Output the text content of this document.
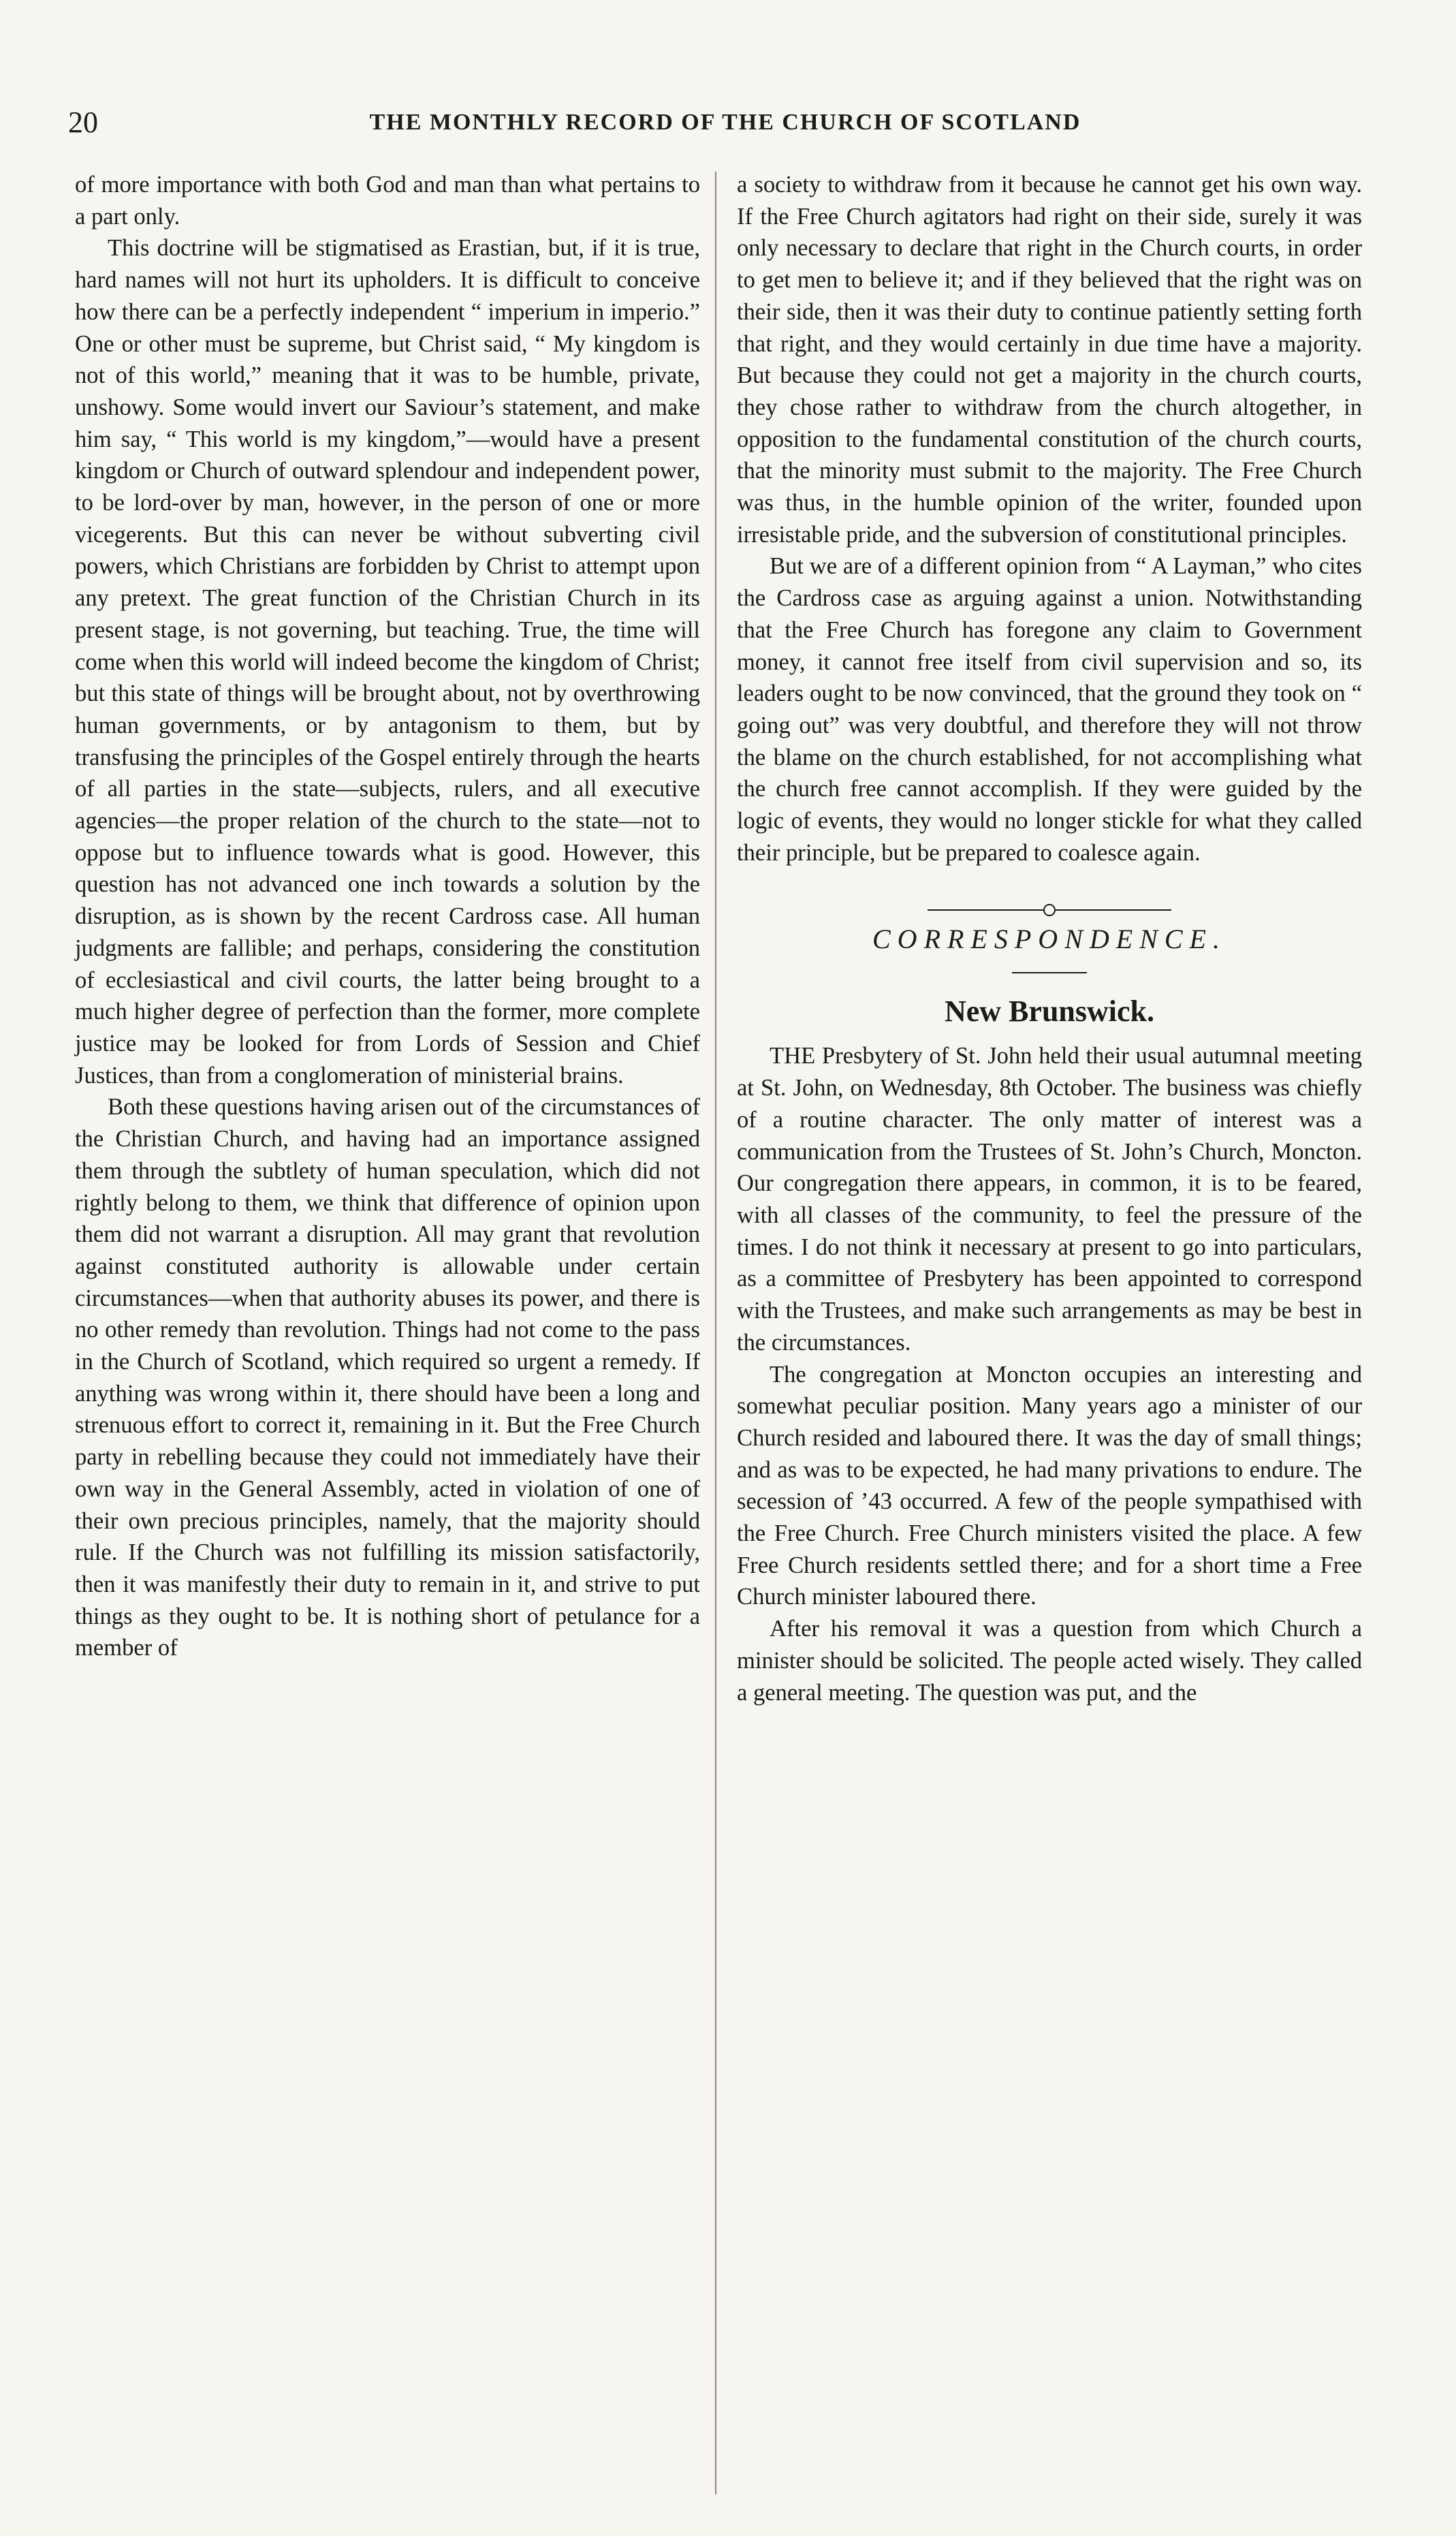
20	THE MONTHLY RECORD OF THE CHURCH OF SCOTLAND

of more importance with both God and man than what pertains to a part only.

This doctrine will be stigmatised as Erastian, but, if it is true, hard names will not hurt its upholders. It is difficult to conceive how there can be a perfectly independent “ imperium in imperio.” One or other must be supreme, but Christ said, “ My kingdom is not of this world,” meaning that it was to be humble, private, unshowy. Some would invert our Saviour’s statement, and make him say, “ This world is my kingdom,”—would have a present kingdom or Church of outward splendour and independent power, to be lord-over by man, however, in the person of one or more vicegerents. But this can never be without subverting civil powers, which Christians are forbidden by Christ to attempt upon any pretext. The great function of the Christian Church in its present stage, is not governing, but teaching. True, the time will come when this world will indeed become the kingdom of Christ; but this state of things will be brought about, not by overthrowing human governments, or by antagonism to them, but by transfusing the principles of the Gospel entirely through the hearts of all parties in the state—subjects, rulers, and all executive agencies—the proper relation of the church to the state—not to oppose but to influence towards what is good. However, this question has not advanced one inch towards a solution by the disruption, as is shown by the recent Cardross case. All human judgments are fallible; and perhaps, considering the constitution of ecclesiastical and civil courts, the latter being brought to a much higher degree of perfection than the former, more complete justice may be looked for from Lords of Session and Chief Justices, than from a conglomeration of ministerial brains.

Both these questions having arisen out of the circumstances of the Christian Church, and having had an importance assigned them through the subtlety of human speculation, which did not rightly belong to them, we think that difference of opinion upon them did not warrant a disruption. All may grant that revolution against constituted authority is allowable under certain circumstances—when that authority abuses its power, and there is no other remedy than revolution. Things had not come to the pass in the Church of Scotland, which required so urgent a remedy. If anything was wrong within it, there should have been a long and strenuous effort to correct it, remaining in it. But the Free Church party in rebelling because they could not immediately have their own way in the General Assembly, acted in violation of one of their own precious principles, namely, that the majority should rule. If the Church was not fulfilling its mission satisfactorily, then it was manifestly their duty to remain in it, and strive to put things as they ought to be. It is nothing short of petulance for a member of

a society to withdraw from it because he cannot get his own way. If the Free Church agitators had right on their side, surely it was only necessary to declare that right in the Church courts, in order to get men to believe it; and if they believed that the right was on their side, then it was their duty to continue patiently setting forth that right, and they would certainly in due time have a majority. But because they could not get a majority in the church courts, they chose rather to withdraw from the church altogether, in opposition to the fundamental constitution of the church courts, that the minority must submit to the majority. The Free Church was thus, in the humble opinion of the writer, founded upon irresistable pride, and the subversion of constitutional principles.

But we are of a different opinion from “ A Layman,” who cites the Cardross case as arguing against a union. Notwithstanding that the Free Church has foregone any claim to Government money, it cannot free itself from civil supervision and so, its leaders ought to be now convinced, that the ground they took on “ going out” was very doubtful, and therefore they will not throw the blame on the church established, for not accomplishing what the church free cannot accomplish. If they were guided by the logic of events, they would no longer stickle for what they called their principle, but be prepared to coalesce again.

CORRESPONDENCE.
New Brunswick.

THE Presbytery of St. John held their usual autumnal meeting at St. John, on Wednesday, 8th October. The business was chiefly of a routine character. The only matter of interest was a communication from the Trustees of St. John’s Church, Moncton. Our congregation there appears, in common, it is to be feared, with all classes of the community, to feel the pressure of the times. I do not think it necessary at present to go into particulars, as a committee of Presbytery has been appointed to correspond with the Trustees, and make such arrangements as may be best in the circumstances.

The congregation at Moncton occupies an interesting and somewhat peculiar position. Many years ago a minister of our Church resided and laboured there. It was the day of small things; and as was to be expected, he had many privations to endure. The secession of ’43 occurred. A few of the people sympathised with the Free Church. Free Church ministers visited the place. A few Free Church residents settled there; and for a short time a Free Church minister laboured there.

After his removal it was a question from which Church a minister should be solicited. The people acted wisely. They called a general meeting. The question was put, and the
